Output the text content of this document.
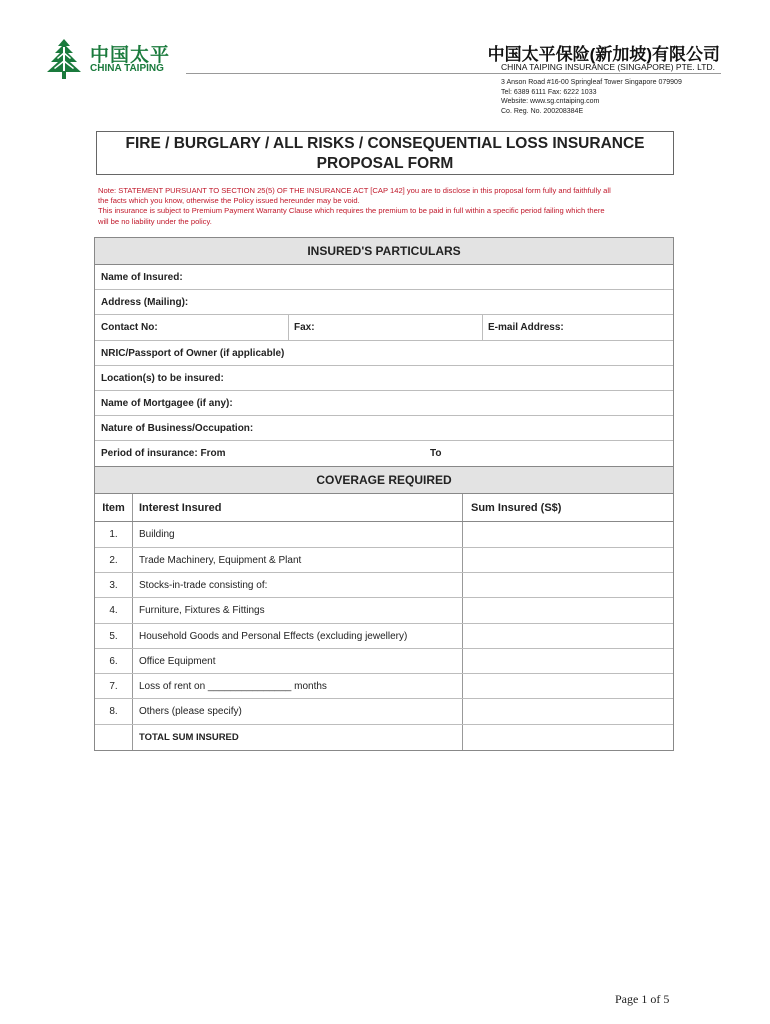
中国太平
CHINA TAIPING
中国太平保险(新加坡)有限公司
CHINA TAIPING INSURANCE (SINGAPORE) PTE. LTD.
3 Anson Road #16-00 Springleaf Tower Singapore 079909
Tel: 6389 6111 Fax: 6222 1033
Website: www.sg.cntaiping.com
Co. Reg. No. 200208384E
FIRE / BURGLARY / ALL RISKS / CONSEQUENTIAL LOSS INSURANCE
PROPOSAL FORM
Note: STATEMENT PURSUANT TO SECTION 25(5) OF THE INSURANCE ACT [CAP 142] you are to disclose in this proposal form fully and faithfully all
the facts which you know, otherwise the Policy issued hereunder may be void.
This insurance is subject to Premium Payment Warranty Clause which requires the premium to be paid in full within a specific period failing which there
will be no liability under the policy.
INSURED'S PARTICULARS
Name of Insured:
Address (Mailing):
Contact No:	Fax:	E-mail Address:
NRIC/Passport of Owner (if applicable)
Location(s) to be insured:
Name of Mortgagee (if any):
Nature of Business/Occupation:
Period of insurance: From	To
COVERAGE REQUIRED
Item	Interest Insured	Sum Insured (S$)
1.	Building
2.	Trade Machinery, Equipment & Plant
3.	Stocks-in-trade consisting of:
4.	Furniture, Fixtures & Fittings
5.	Household Goods and Personal Effects (excluding jewellery)
6.	Office Equipment
7.	Loss of rent on _______________ months
8.	Others (please specify)
TOTAL SUM INSURED
Page 1 of 5
